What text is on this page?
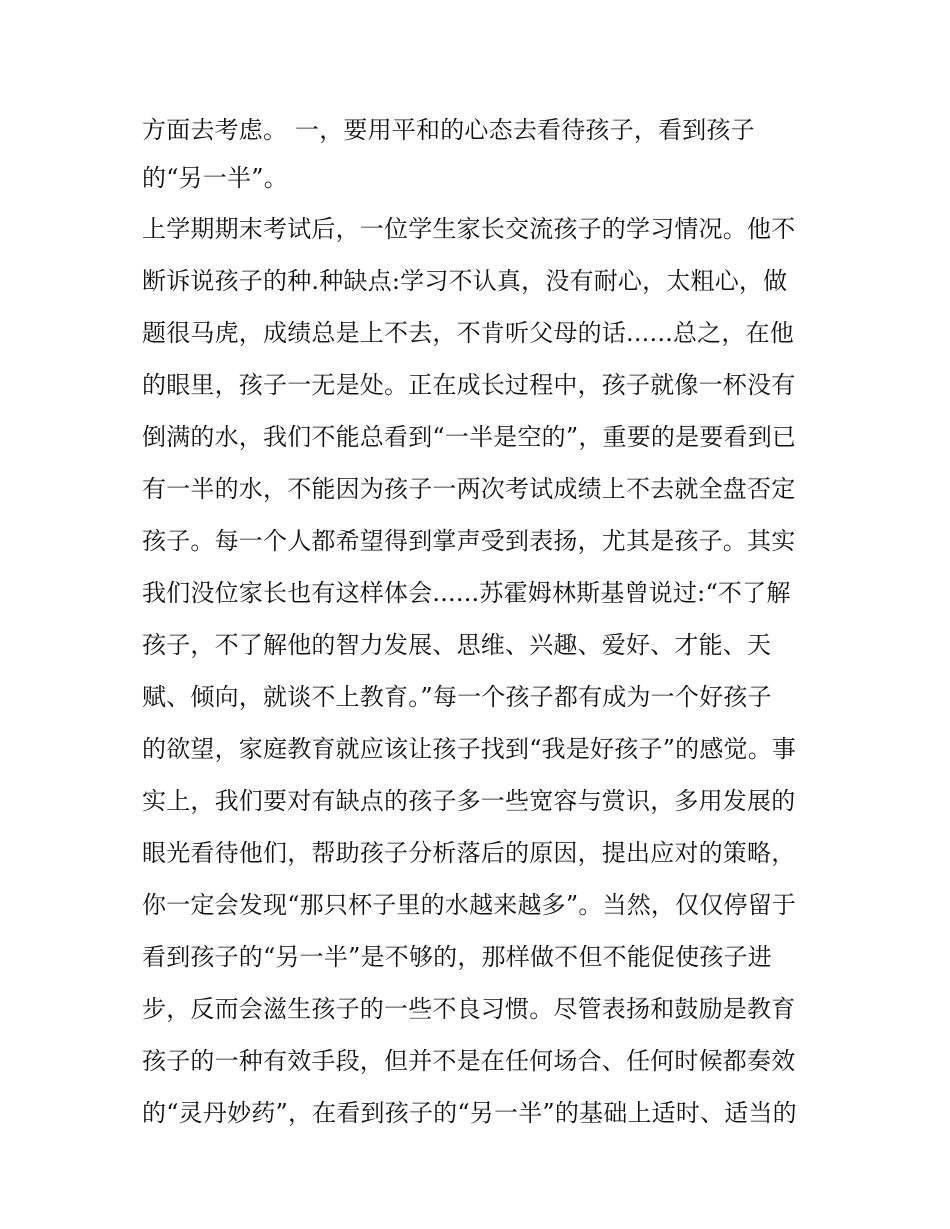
方面去考虑。 一，要用平和的心态去看待孩子，看到孩子
的“另一半”。
上学期期末考试后，一位学生家长交流孩子的学习情况。他不
断诉说孩子的种.种缺点:学习不认真，没有耐心，太粗心，做
题很马虎，成绩总是上不去，不肯听父母的话......总之，在他
的眼里，孩子一无是处。正在成长过程中，孩子就像一杯没有
倒满的水，我们不能总看到“一半是空的”，重要的是要看到已
有一半的水，不能因为孩子一两次考试成绩上不去就全盘否定
孩子。每一个人都希望得到掌声受到表扬，尤其是孩子。其实
我们没位家长也有这样体会......苏霍姆林斯基曾说过:“不了解
孩子，不了解他的智力发展、思维、兴趣、爱好、才能、天
赋、倾向，就谈不上教育。”每一个孩子都有成为一个好孩子
的欲望，家庭教育就应该让孩子找到“我是好孩子”的感觉。事
实上，我们要对有缺点的孩子多一些宽容与赏识，多用发展的
眼光看待他们，帮助孩子分析落后的原因，提出应对的策略，
你一定会发现“那只杯子里的水越来越多”。当然，仅仅停留于
看到孩子的“另一半”是不够的，那样做不但不能促使孩子进
步，反而会滋生孩子的一些不良习惯。尽管表扬和鼓励是教育
孩子的一种有效手段，但并不是在任何场合、任何时候都奏效
的“灵丹妙药”，在看到孩子的“另一半”的基础上适时、适当的
